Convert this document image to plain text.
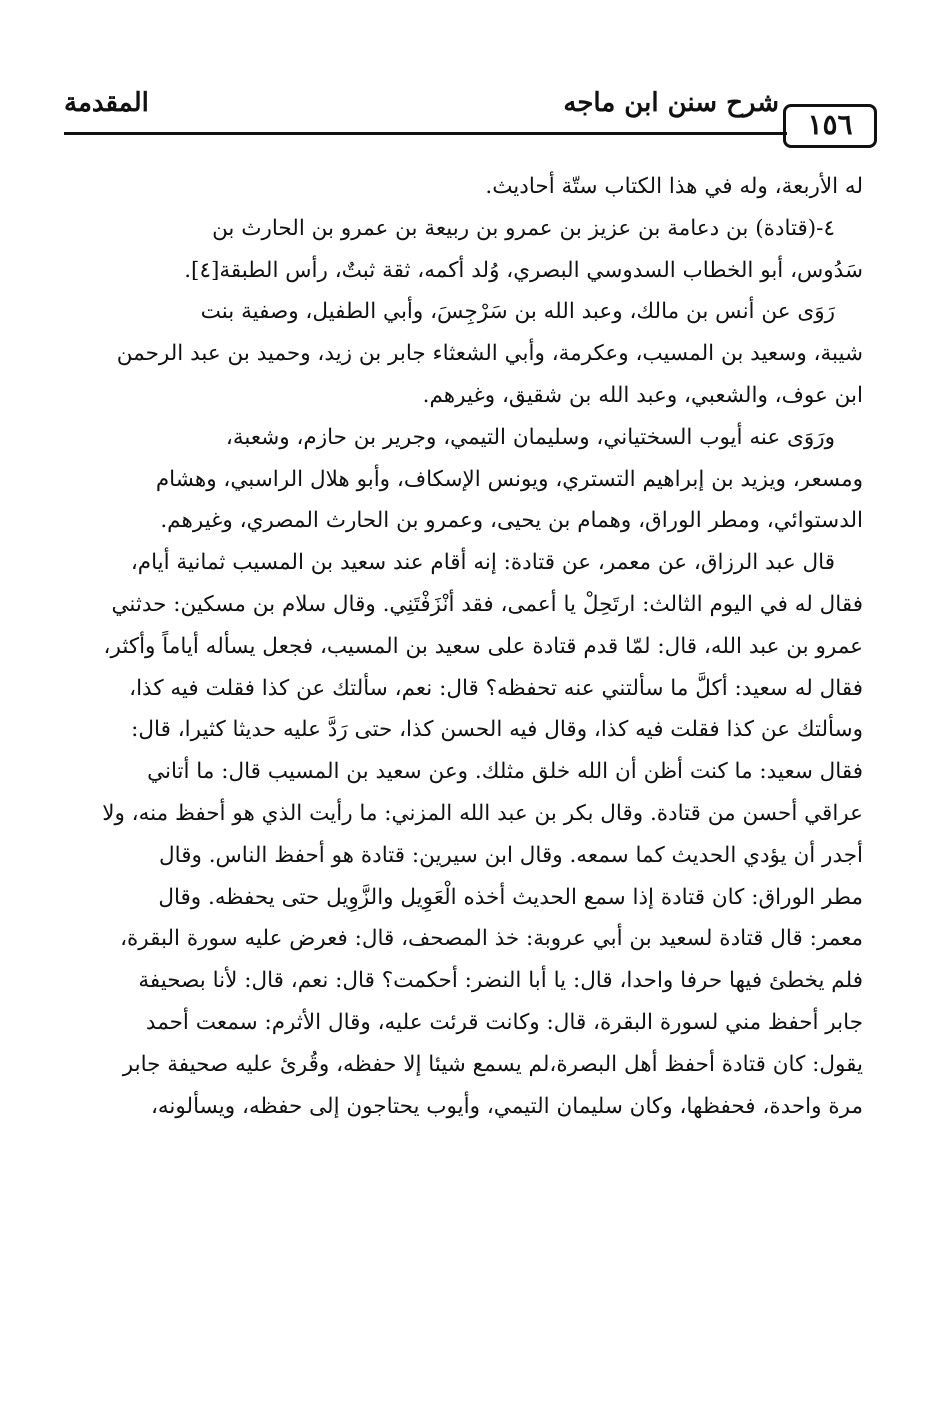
١٥٦
شرح سنن ابن ماجه
المقدمة
له الأربعة، وله في هذا الكتاب ستّة أحاديث.
٤-(قتادة) بن دعامة بن عزيز بن عمرو بن ربيعة بن عمرو بن الحارث بن
سَدُوس، أبو الخطاب السدوسي البصري، وُلد أكمه، ثقة ثبتٌ، رأس الطبقة[٤].
رَوَى عن أنس بن مالك، وعبد الله بن سَرْجِسَ، وأبي الطفيل، وصفية بنت
شيبة، وسعيد بن المسيب، وعكرمة، وأبي الشعثاء جابر بن زيد، وحميد بن عبد الرحمن
ابن عوف، والشعبي، وعبد الله بن شقيق، وغيرهم.
ورَوَى عنه أيوب السختياني، وسليمان التيمي، وجرير بن حازم، وشعبة،
ومسعر، ويزيد بن إبراهيم التستري، ويونس الإسكاف، وأبو هلال الراسبي، وهشام
الدستوائي، ومطر الوراق، وهمام بن يحيى، وعمرو بن الحارث المصري، وغيرهم.
قال عبد الرزاق، عن معمر، عن قتادة: إنه أقام عند سعيد بن المسيب ثمانية أيام،
فقال له في اليوم الثالث: ارتَحِلْ يا أعمى، فقد أنْزَفْتَنِي. وقال سلام بن مسكين: حدثني
عمرو بن عبد الله، قال: لمّا قدم قتادة على سعيد بن المسيب، فجعل يسأله أياماً وأكثر،
فقال له سعيد: أكلَّ ما سألتني عنه تحفظه؟ قال: نعم، سألتك عن كذا فقلت فيه كذا،
وسألتك عن كذا فقلت فيه كذا، وقال فيه الحسن كذا، حتى رَدَّ عليه حديثا كثيرا، قال:
فقال سعيد: ما كنت أظن أن الله خلق مثلك. وعن سعيد بن المسيب قال: ما أتاني
عراقي أحسن من قتادة. وقال بكر بن عبد الله المزني: ما رأيت الذي هو أحفظ منه، ولا
أجدر أن يؤدي الحديث كما سمعه. وقال ابن سيرين: قتادة هو أحفظ الناس. وقال
مطر الوراق: كان قتادة إذا سمع الحديث أخذه الْعَوِيل والزَّوِيل حتى يحفظه. وقال
معمر: قال قتادة لسعيد بن أبي عروبة: خذ المصحف، قال: فعرض عليه سورة البقرة،
فلم يخطئ فيها حرفا واحدا، قال: يا أبا النضر: أحكمت؟ قال: نعم، قال: لأنا بصحيفة
جابر أحفظ مني لسورة البقرة، قال: وكانت قرئت عليه، وقال الأثرم: سمعت أحمد
يقول: كان قتادة أحفظ أهل البصرة،لم يسمع شيئا إلا حفظه، وقُرئ عليه صحيفة جابر
مرة واحدة، فحفظها، وكان سليمان التيمي، وأيوب يحتاجون إلى حفظه، ويسألونه،
